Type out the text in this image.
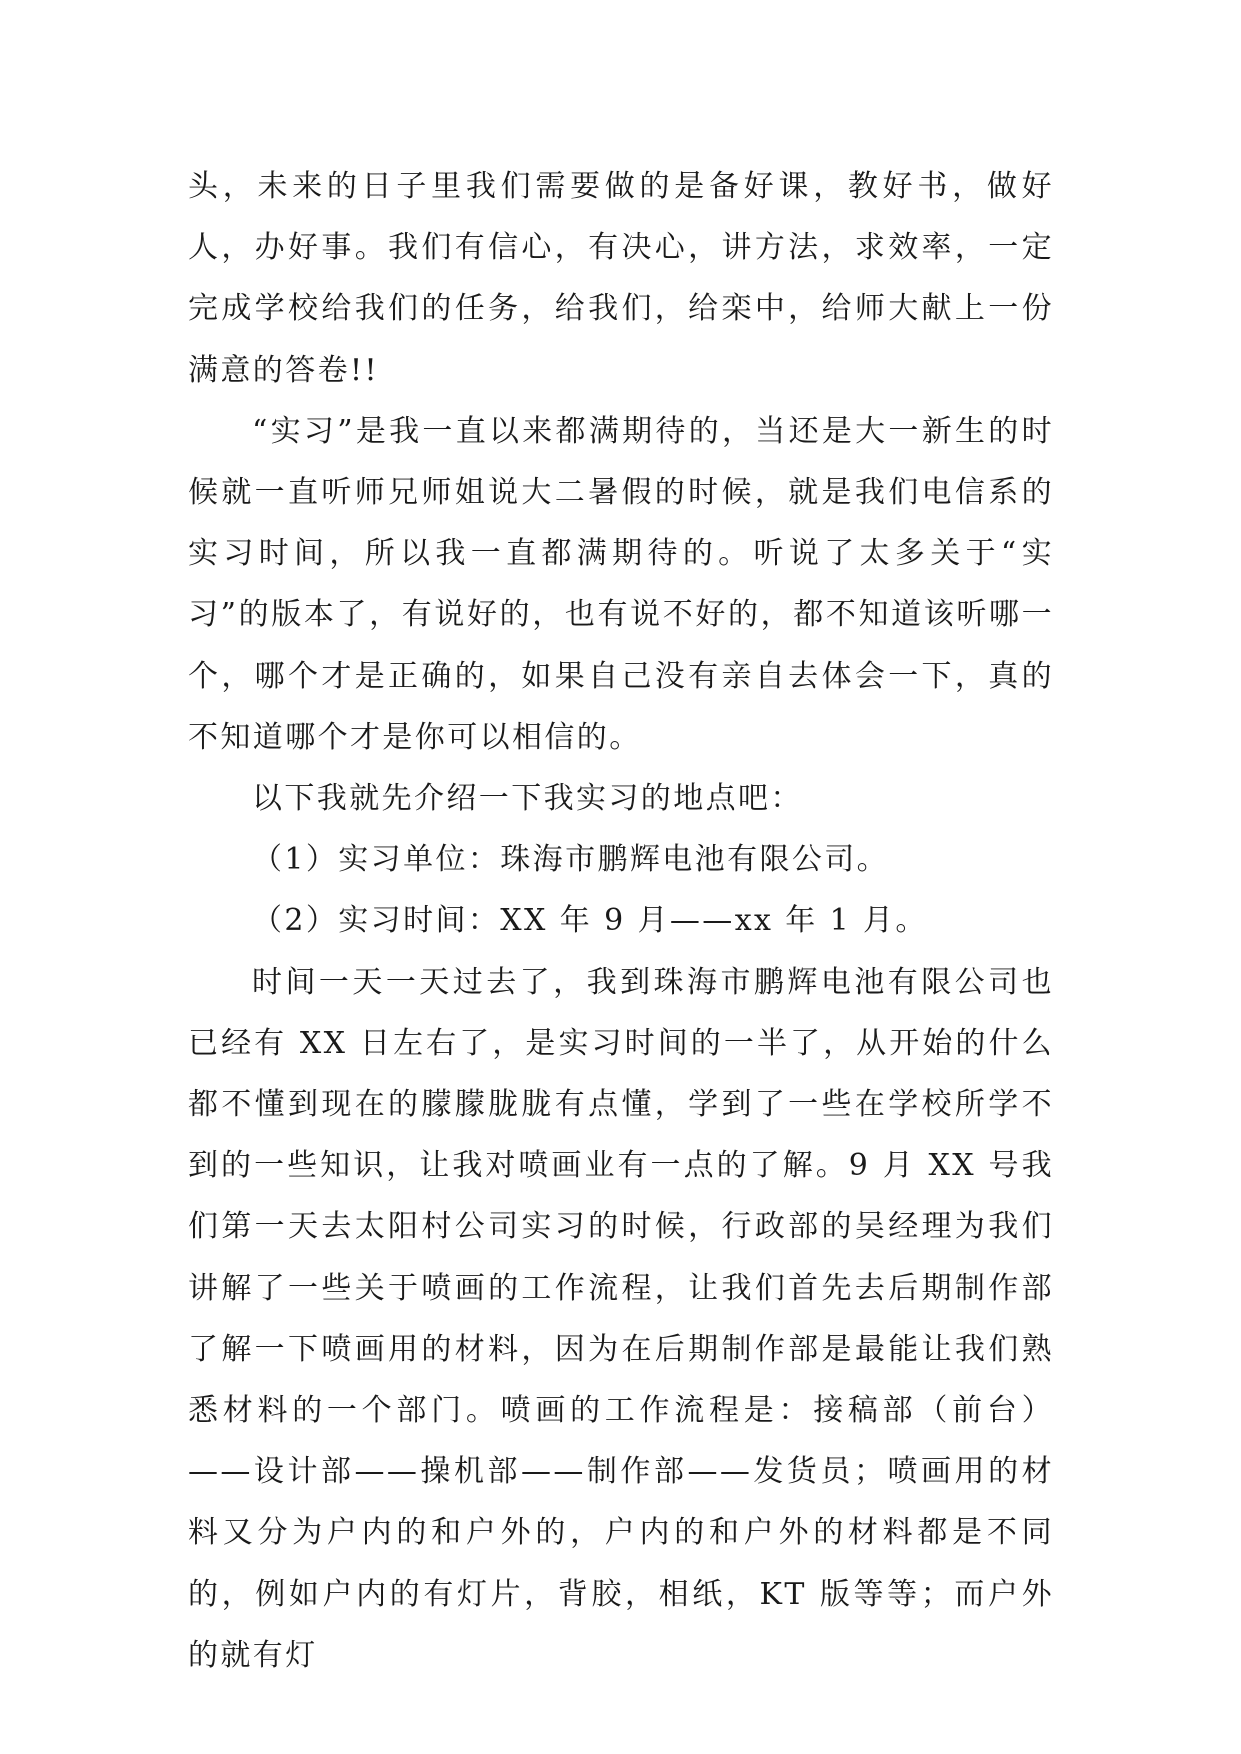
头，未来的日子里我们需要做的是备好课，教好书，做好人，办好事。我们有信心，有决心，讲方法，求效率，一定完成学校给我们的任务，给我们，给栾中，给师大献上一份满意的答卷!!

“实习”是我一直以来都满期待的，当还是大一新生的时候就一直听师兄师姐说大二暑假的时候，就是我们电信系的实习时间，所以我一直都满期待的。听说了太多关于“实习”的版本了，有说好的，也有说不好的，都不知道该听哪一个，哪个才是正确的，如果自己没有亲自去体会一下，真的不知道哪个才是你可以相信的。

以下我就先介绍一下我实习的地点吧：

（1）实习单位：珠海市鹏辉电池有限公司。

（2）实习时间：XX 年 9 月——xx 年 1 月。

时间一天一天过去了，我到珠海市鹏辉电池有限公司也已经有 XX 日左右了，是实习时间的一半了，从开始的什么都不懂到现在的朦朦胧胧有点懂，学到了一些在学校所学不到的一些知识，让我对喷画业有一点的了解。9 月 XX 号我们第一天去太阳村公司实习的时候，行政部的吴经理为我们讲解了一些关于喷画的工作流程，让我们首先去后期制作部了解一下喷画用的材料，因为在后期制作部是最能让我们熟悉材料的一个部门。喷画的工作流程是：接稿部（前台）——设计部——操机部——制作部——发货员；喷画用的材料又分为户内的和户外的，户内的和户外的材料都是不同的，例如户内的有灯片，背胶，相纸，KT 版等等；而户外的就有灯
